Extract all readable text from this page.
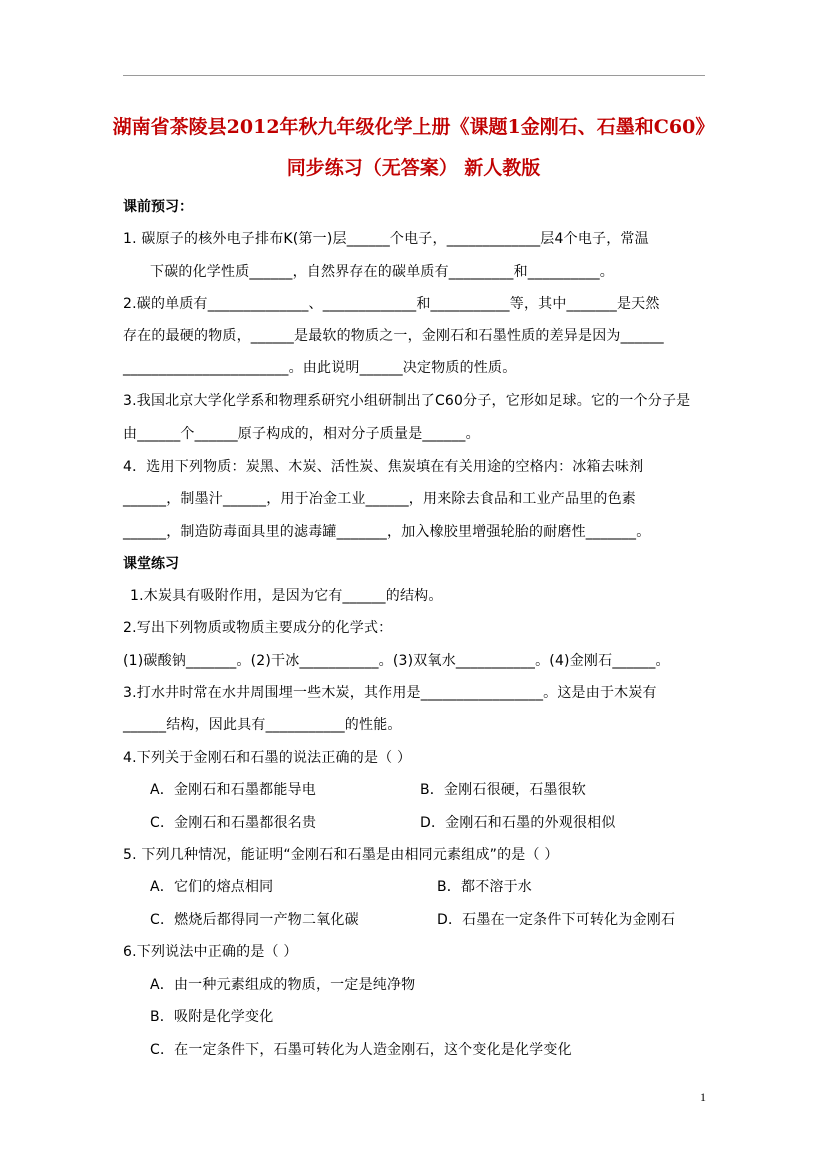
湖南省茶陵县2012年秋九年级化学上册《课题1金刚石、石墨和C60》
同步练习（无答案） 新人教版
课前预习：
1. 碳原子的核外电子排布K(第一)层______个电子，_____________层4个电子，常温
下碳的化学性质______，自然界存在的碳单质有_________和__________。
2.碳的单质有______________、_____________和___________等，其中_______是天然
存在的最硬的物质，______是最软的物质之一，金刚石和石墨性质的差异是因为______
_______________________。由此说明______决定物质的性质。
3.我国北京大学化学系和物理系研究小组研制出了C60分子，它形如足球。它的一个分子是
由______个______原子构成的，相对分子质量是______。
4．选用下列物质：炭黑、木炭、活性炭、焦炭填在有关用途的空格内：冰箱去味剂
______，制墨汁______，用于冶金工业______，用来除去食品和工业产品里的色素
______，制造防毒面具里的滤毒罐_______，加入橡胶里增强轮胎的耐磨性_______。
课堂练习
1.木炭具有吸附作用，是因为它有______的结构。
2.写出下列物质或物质主要成分的化学式：
(1)碳酸钠_______。(2)干冰___________。(3)双氧水___________。(4)金刚石______。
3.打水井时常在水井周围埋一些木炭，其作用是_________________。这是由于木炭有
______结构，因此具有___________的性能。
4.下列关于金刚石和石墨的说法正确的是（ ）
A．金刚石和石墨都能导电	B．金刚石很硬，石墨很软
C．金刚石和石墨都很名贵	D．金刚石和石墨的外观很相似
5. 下列几种情况，能证明“金刚石和石墨是由相同元素组成”的是（ ）
A．它们的熔点相同	B．都不溶于水
C．燃烧后都得同一产物二氧化碳	D．石墨在一定条件下可转化为金刚石
6.下列说法中正确的是（ ）
A．由一种元素组成的物质，一定是纯净物
B．吸附是化学变化
C．在一定条件下，石墨可转化为人造金刚石，这个变化是化学变化
1
